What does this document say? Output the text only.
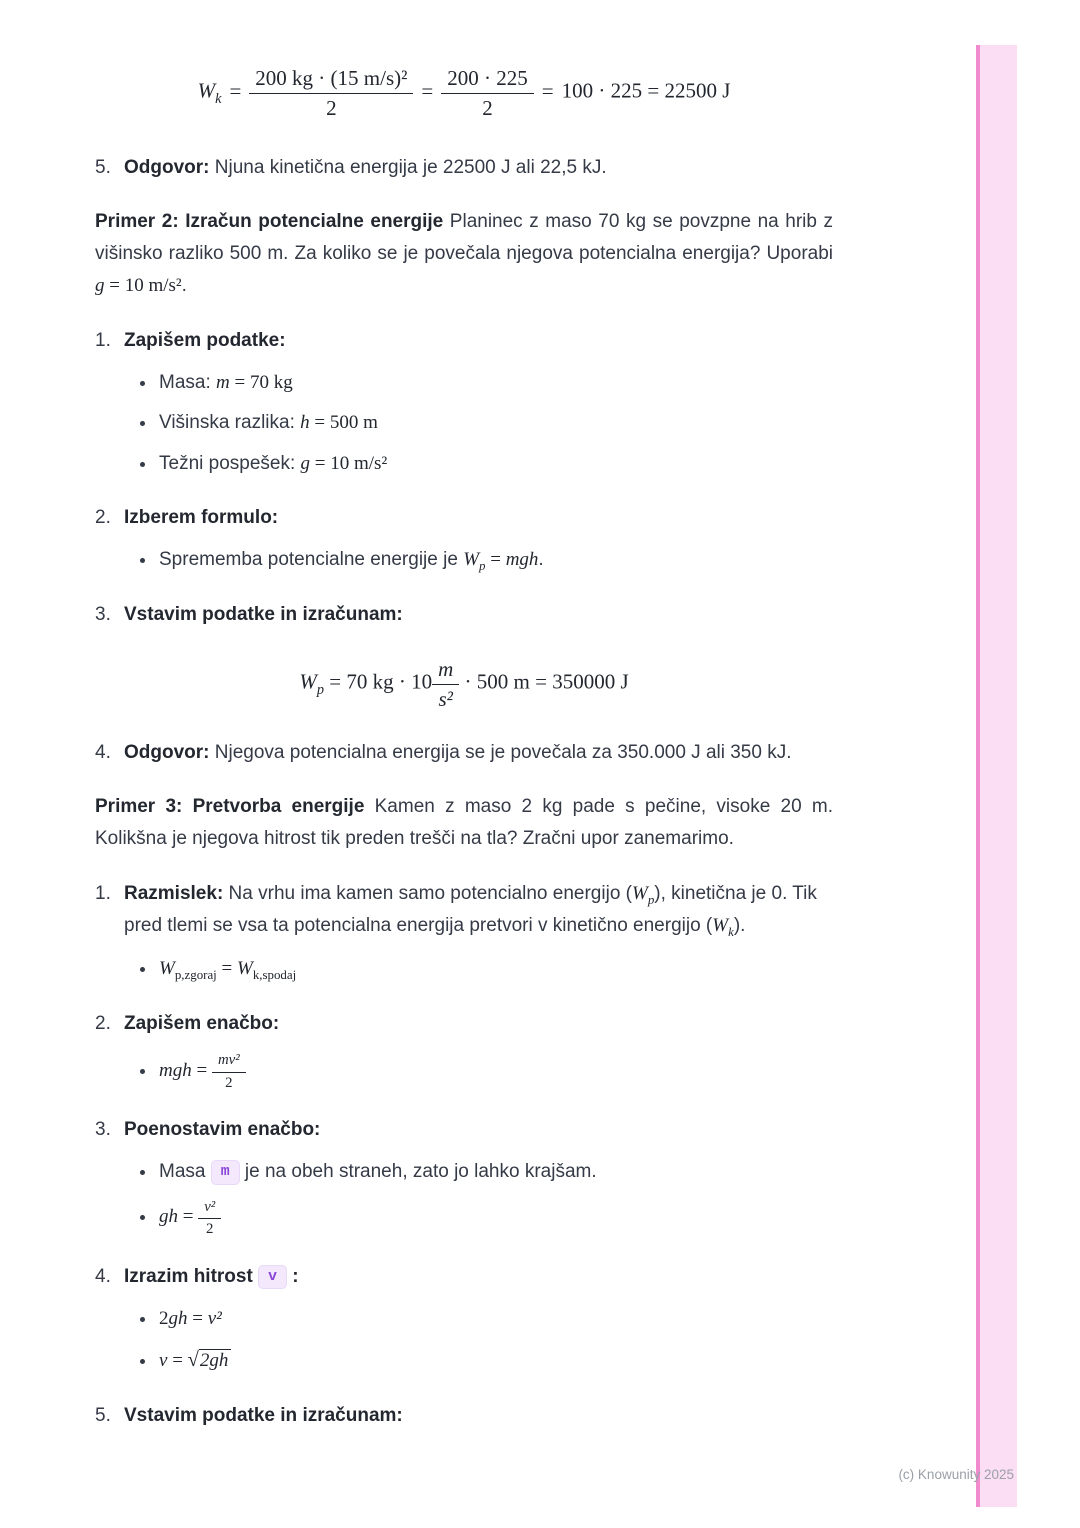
$W_k = \frac{\text{200 kg · (15 m/s)²}}{2} = \frac{200 \cdot 225}{2} = 100 \cdot 225 = 22500$ J
5. Odgovor: Njuna kinetična energija je 22500 J ali 22,5 kJ.

Primer 2: Izračun potencialne energije Planinec z maso 70 kg se povzpne na hrib z višinsko razliko 500 m. Za koliko se je povečala njegova potencialna energija? Uporabi g = 10 m/s².

1. Zapišem podatke:
• Masa: m = 70 kg
• Višinska razlika: h = 500 m
• Težni pospešek: g = 10 m/s²
2. Izberem formulo:
• Sprememba potencialne energije je $W_p$ = mgh.
3. Vstavim podatke in izračunam:
$W_p = 70$ kg · $10 \frac{m}{\text{s²}} \cdot 500$ m = 350000 J
4. Odgovor: Njegova potencialna energija se je povečala za 350.000 J ali 350 kJ.

Primer 3: Pretvorba energije Kamen z maso 2 kg pade s pečine, visoke 20 m. Kolikšna je njegova hitrost tik preden trešči na tla? Zračni upor zanemarimo.

1. Razmislek: Na vrhu ima kamen samo potencialno energijo $(W_p)$, kinetična je 0. Tik pred tlemi se vsa ta potencialna energija pretvori v kinetično energijo $(W_k)$.
• $W_{p,zgoraj} = W_{k,spodaj}$
2. Zapišem enačbo:
• mgh = $\frac{\text{mv²}}{2}$
3. Poenostavim enačbo:
• Masa m je na obeh straneh, zato jo lahko krajšam.
• gh = $\frac{\text{v²}}{2}$
4. Izrazim hitrost v :
• 2gh = v²
• v = √2gh
5. Vstavim podatke in izračunam:
(c) Knowunity 2025
